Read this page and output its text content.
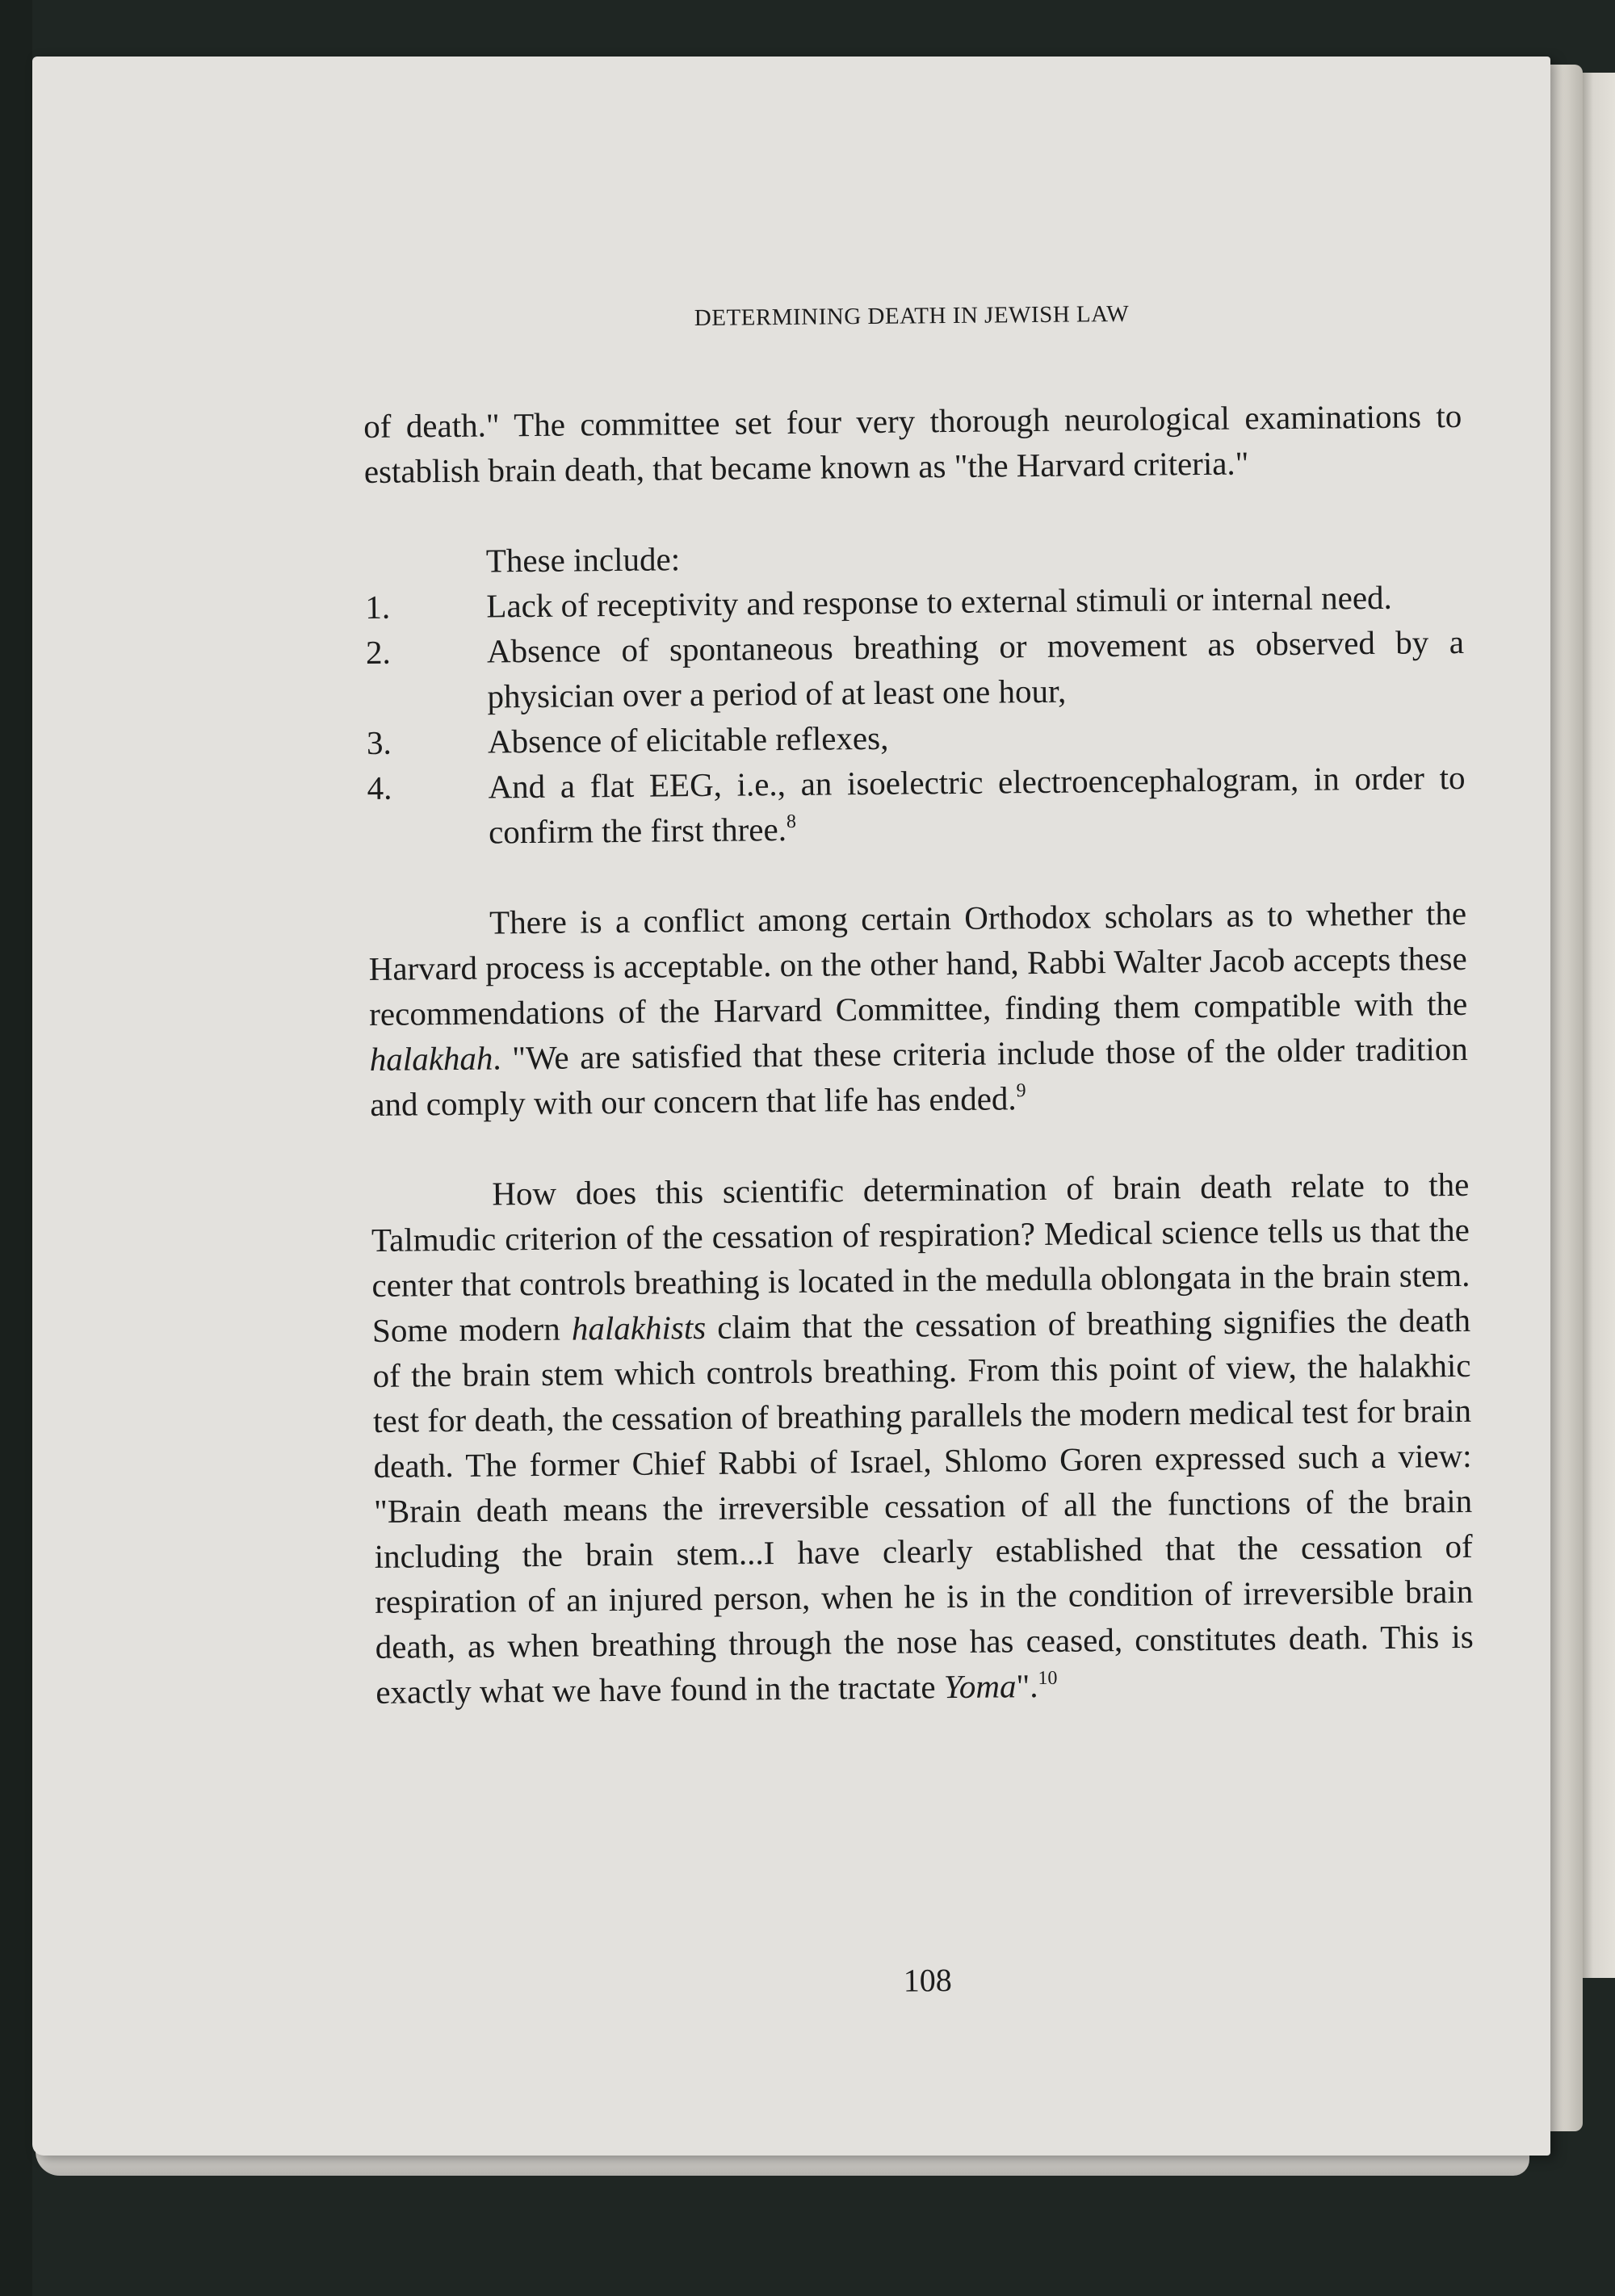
DETERMINING DEATH IN JEWISH LAW

of death." The committee set four very thorough neurological examinations to establish brain death, that became known as "the Harvard criteria."

These include:

1.	Lack of receptivity and response to external stimuli or internal need.
2.	Absence of spontaneous breathing or movement as observed by a physician over a period of at least one hour,
3.	Absence of elicitable reflexes,
4.	And a flat EEG, i.e., an isoelectric electroencephalogram, in order to confirm the first three.$^8$

There is a conflict among certain Orthodox scholars as to whether the Harvard process is acceptable. on the other hand, Rabbi Walter Jacob accepts these recommendations of the Harvard Committee, finding them compatible with the halakhah. "We are satisfied that these criteria include those of the older tradition and comply with our concern that life has ended.$^9$

How does this scientific determination of brain death relate to the Talmudic criterion of the cessation of respiration? Medical science tells us that the center that controls breathing is located in the medulla oblongata in the brain stem. Some modern halakhists claim that the cessation of breathing signifies the death of the brain stem which controls breathing. From this point of view, the halakhic test for death, the cessation of breathing parallels the modern medical test for brain death. The former Chief Rabbi of Israel, Shlomo Goren expressed such a view: "Brain death means the irreversible cessation of all the functions of the brain including the brain stem...I have clearly established that the cessation of respiration of an injured person, when he is in the condition of irreversible brain death, as when breathing through the nose has ceased, constitutes death. This is exactly what we have found in the tractate Yoma".$^{10}$

108
